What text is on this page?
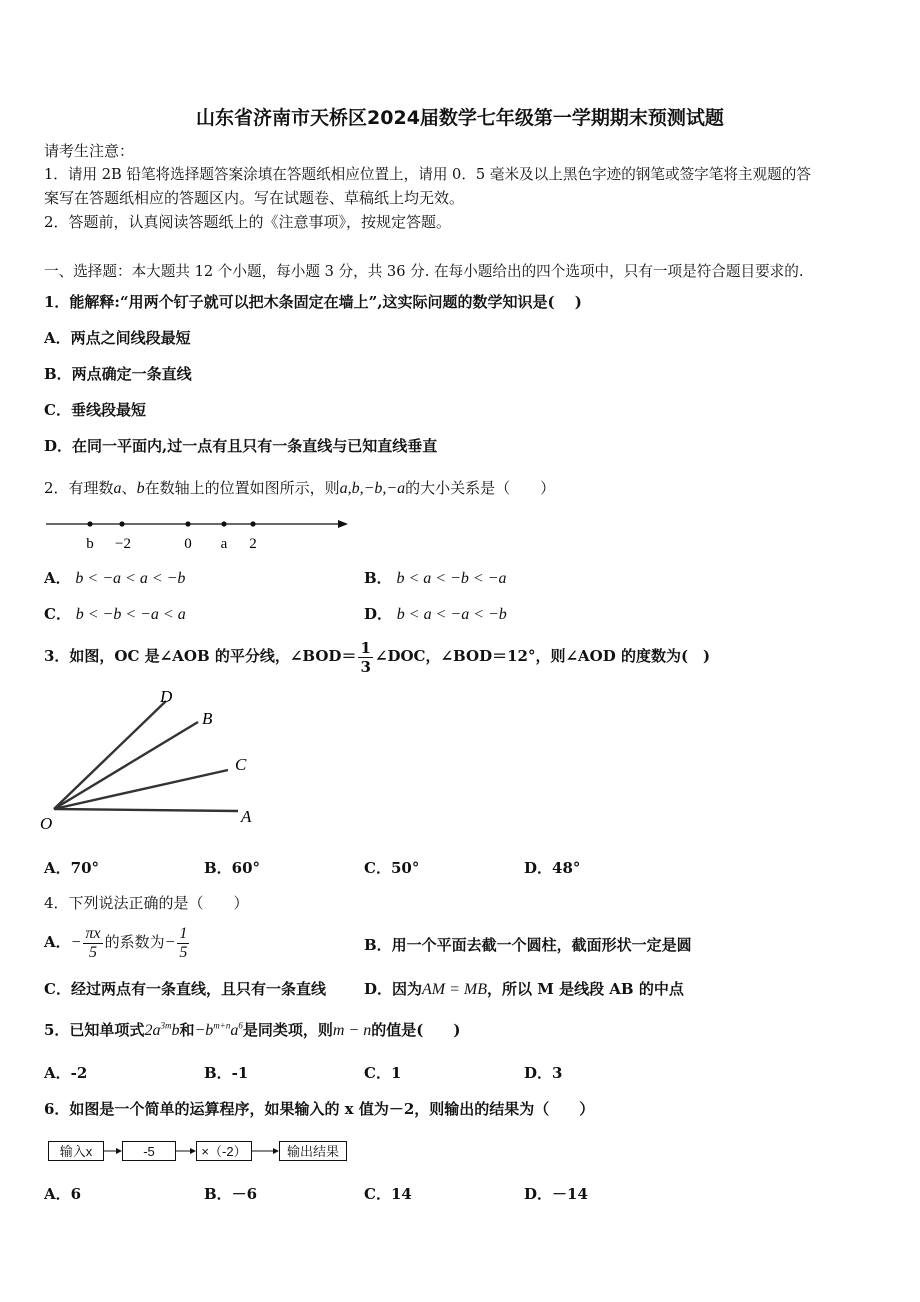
山东省济南市天桥区2024届数学七年级第一学期期末预测试题
请考生注意：
1．请用 2B 铅笔将选择题答案涂填在答题纸相应位置上，请用 0．5 毫米及以上黑色字迹的钢笔或签字笔将主观题的答
案写在答题纸相应的答题区内。写在试题卷、草稿纸上均无效。
2．答题前，认真阅读答题纸上的《注意事项》，按规定答题。
一、选择题：本大题共 12 个小题，每小题 3 分，共 36 分. 在每小题给出的四个选项中，只有一项是符合题目要求的.
1．能解释:“用两个钉子就可以把木条固定在墙上”,这实际问题的数学知识是(　 )
A．两点之间线段最短
B．两点确定一条直线
C．垂线段最短
D．在同一平面内,过一点有且只有一条直线与已知直线垂直
2．有理数a、b在数轴上的位置如图所示，则a,b,−b,−a的大小关系是（　　）
b −2	0 a 2
A． b < −a < a < −b	B． b < a < −b < −a
C． b < −b < −a < a	D． b < a < −a < −b
3．如图，OC 是∠AOB 的平分线，∠BOD＝ $\frac{1}{3}$ ∠DOC，∠BOD＝12°，则∠AOD 的度数为(　)
D
B
C
O	A
A．70°	B．60°	C．50°	D．48°
4．下列说法正确的是（　　）
A．− $\frac{\pi x}{5}$ 的系数为− $\frac{1}{5}$	B．用一个平面去截一个圆柱，截面形状一定是圆
C．经过两点有一条直线，且只有一条直线	D．因为AM = MB，所以 M 是线段 AB 的中点
5．已知单项式$2a^{3m}b$和$-b^{m+n}a^6$是同类项，则m − n的值是(　　)
A．-2	B．-1	C．1	D．3
6．如图是一个简单的运算程序，如果输入的 x 值为－2，则输出的结果为（　　）
输入x	-5	×（-2）	输出结果
A．6	B．－6	C．14	D．－14
